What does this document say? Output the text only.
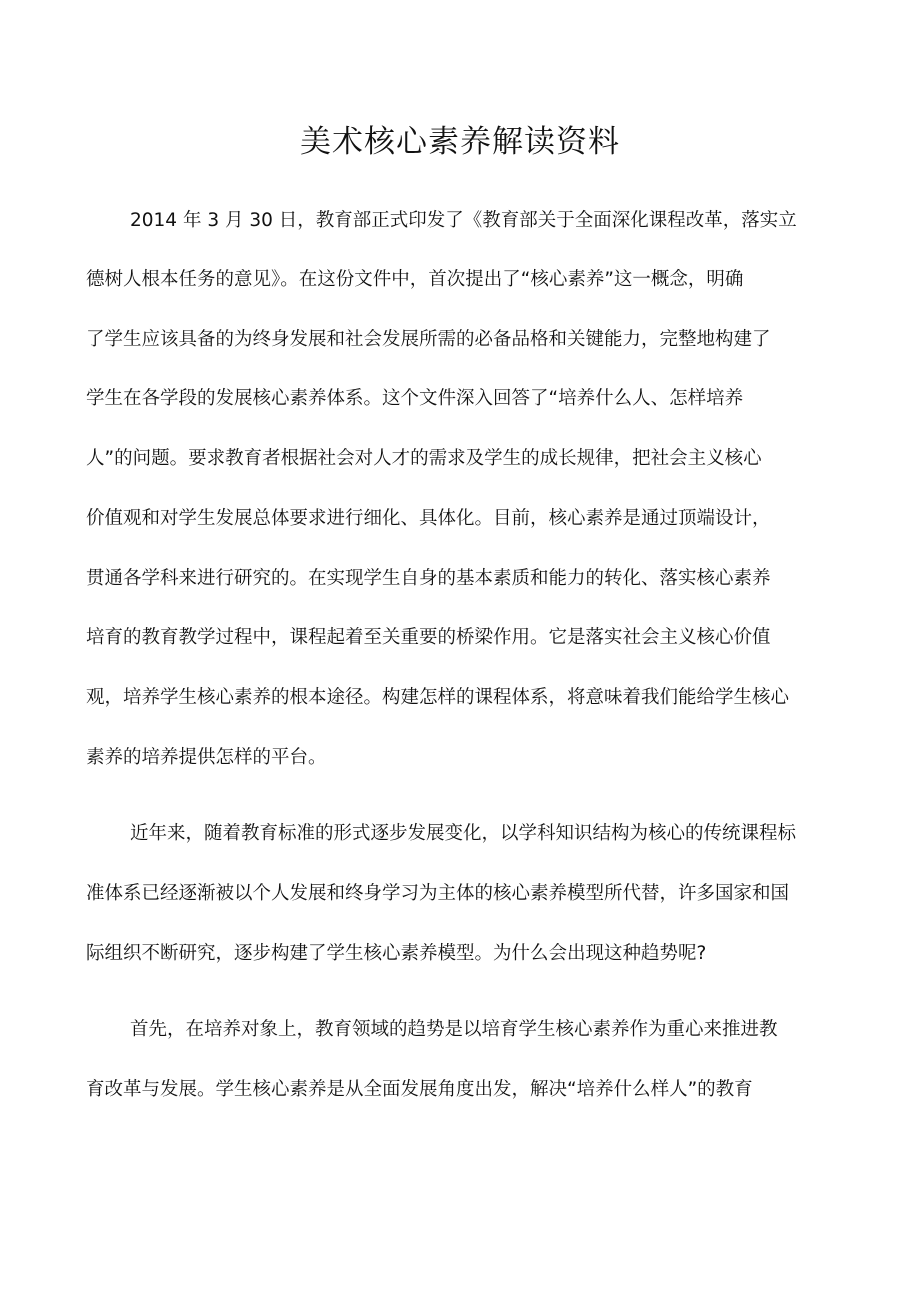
美术核心素养解读资料

2014 年 3 月 30 日，教育部正式印发了《教育部关于全面深化课程改革，落实立

德树人根本任务的意见》。在这份文件中，首次提出了“核心素养”这一概念，明确

了学生应该具备的为终身发展和社会发展所需的必备品格和关键能力，完整地构建了

学生在各学段的发展核心素养体系。这个文件深入回答了“培养什么人、怎样培养

人”的问题。要求教育者根据社会对人才的需求及学生的成长规律，把社会主义核心

价值观和对学生发展总体要求进行细化、具体化。目前，核心素养是通过顶端设计，

贯通各学科来进行研究的。在实现学生自身的基本素质和能力的转化、落实核心素养

培育的教育教学过程中，课程起着至关重要的桥梁作用。它是落实社会主义核心价值

观，培养学生核心素养的根本途径。构建怎样的课程体系，将意味着我们能给学生核心

素养的培养提供怎样的平台。

近年来，随着教育标准的形式逐步发展变化，以学科知识结构为核心的传统课程标

准体系已经逐渐被以个人发展和终身学习为主体的核心素养模型所代替，许多国家和国

际组织不断研究，逐步构建了学生核心素养模型。为什么会出现这种趋势呢?

首先，在培养对象上，教育领域的趋势是以培育学生核心素养作为重心来推进教

育改革与发展。学生核心素养是从全面发展角度出发，解决“培养什么样人”的教育
